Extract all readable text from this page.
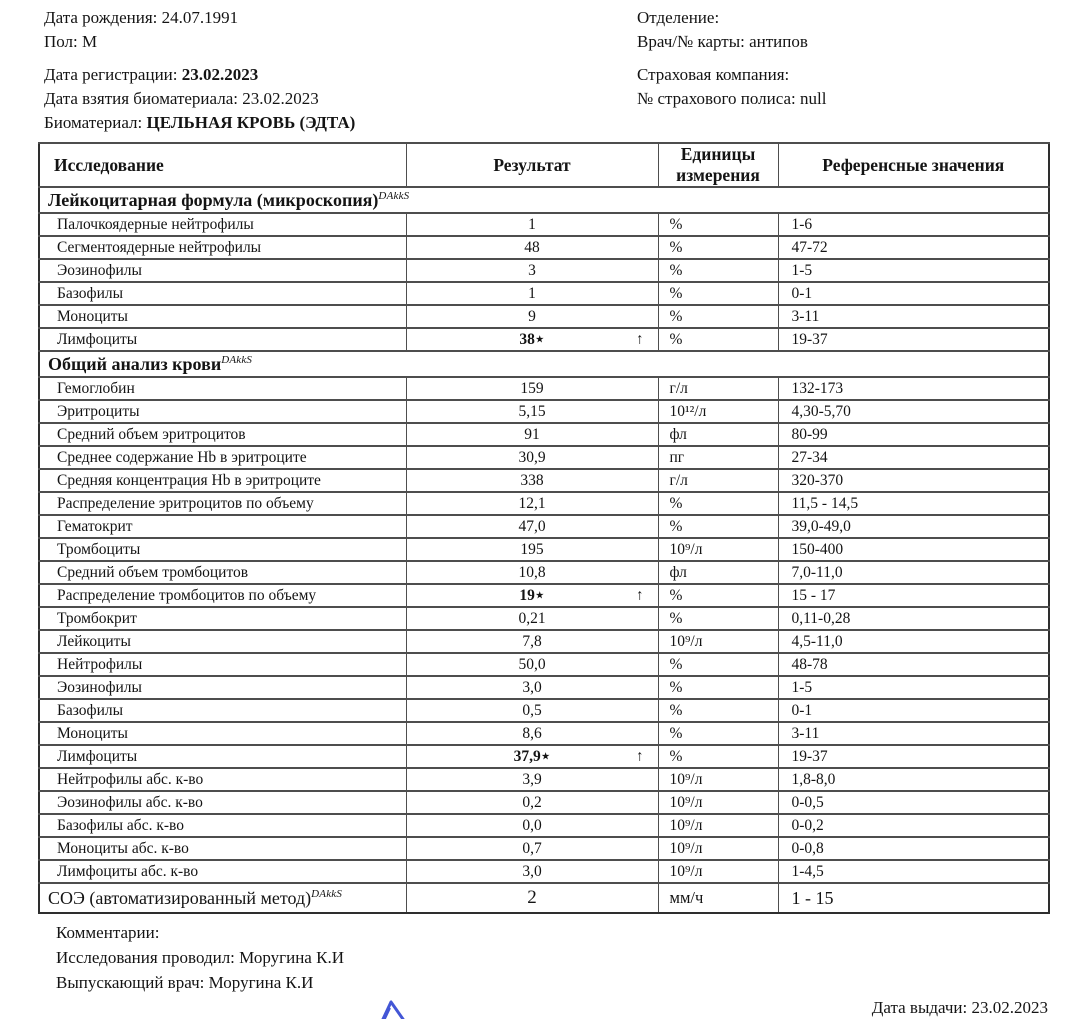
Дата рождения: 24.07.1991
Пол: М
Дата регистрации: 23.02.2023
Дата взятия биоматериала: 23.02.2023
Биоматериал: ЦЕЛЬНАЯ КРОВЬ (ЭДТА)
Отделение:
Врач/№ карты: антипов
Страховая компания:
№ страхового полиса: null
Исследование	Результат	Единицы измерения	Референсные значения
Лейкоцитарная формула (микроскопия)$^{DAkkS}$
Палочкоядерные нейтрофилы	1	%	1-6
Сегментоядерные нейтрофилы	48	%	47-72
Эозинофилы	3	%	1-5
Базофилы	1	%	0-1
Моноциты	9	%	3-11
Лимфоциты	38⋆ ↑	%	19-37
Общий анализ крови$^{DAkkS}$
Гемоглобин	159	г/л	132-173
Эритроциты	5,15	10¹²/л	4,30-5,70
Средний объем эритроцитов	91	фл	80-99
Среднее содержание Hb в эритроците	30,9	пг	27-34
Средняя концентрация Hb в эритроците	338	г/л	320-370
Распределение эритроцитов по объему	12,1	%	11,5 - 14,5
Гематокрит	47,0	%	39,0-49,0
Тромбоциты	195	10⁹/л	150-400
Средний объем тромбоцитов	10,8	фл	7,0-11,0
Распределение тромбоцитов по объему	19⋆ ↑	%	15 - 17
Тромбокрит	0,21	%	0,11-0,28
Лейкоциты	7,8	10⁹/л	4,5-11,0
Нейтрофилы	50,0	%	48-78
Эозинофилы	3,0	%	1-5
Базофилы	0,5	%	0-1
Моноциты	8,6	%	3-11
Лимфоциты	37,9⋆ ↑	%	19-37
Нейтрофилы абс. к-во	3,9	10⁹/л	1,8-8,0
Эозинофилы абс. к-во	0,2	10⁹/л	0-0,5
Базофилы абс. к-во	0,0	10⁹/л	0-0,2
Моноциты абс. к-во	0,7	10⁹/л	0-0,8
Лимфоциты абс. к-во	3,0	10⁹/л	1-4,5
СОЭ (автоматизированный метод)$^{DAkkS}$	2	мм/ч	1 - 15
Комментарии:
Исследования проводил: Моругина К.И
Выпускающий врач: Моругина К.И
Дата выдачи: 23.02.2023
